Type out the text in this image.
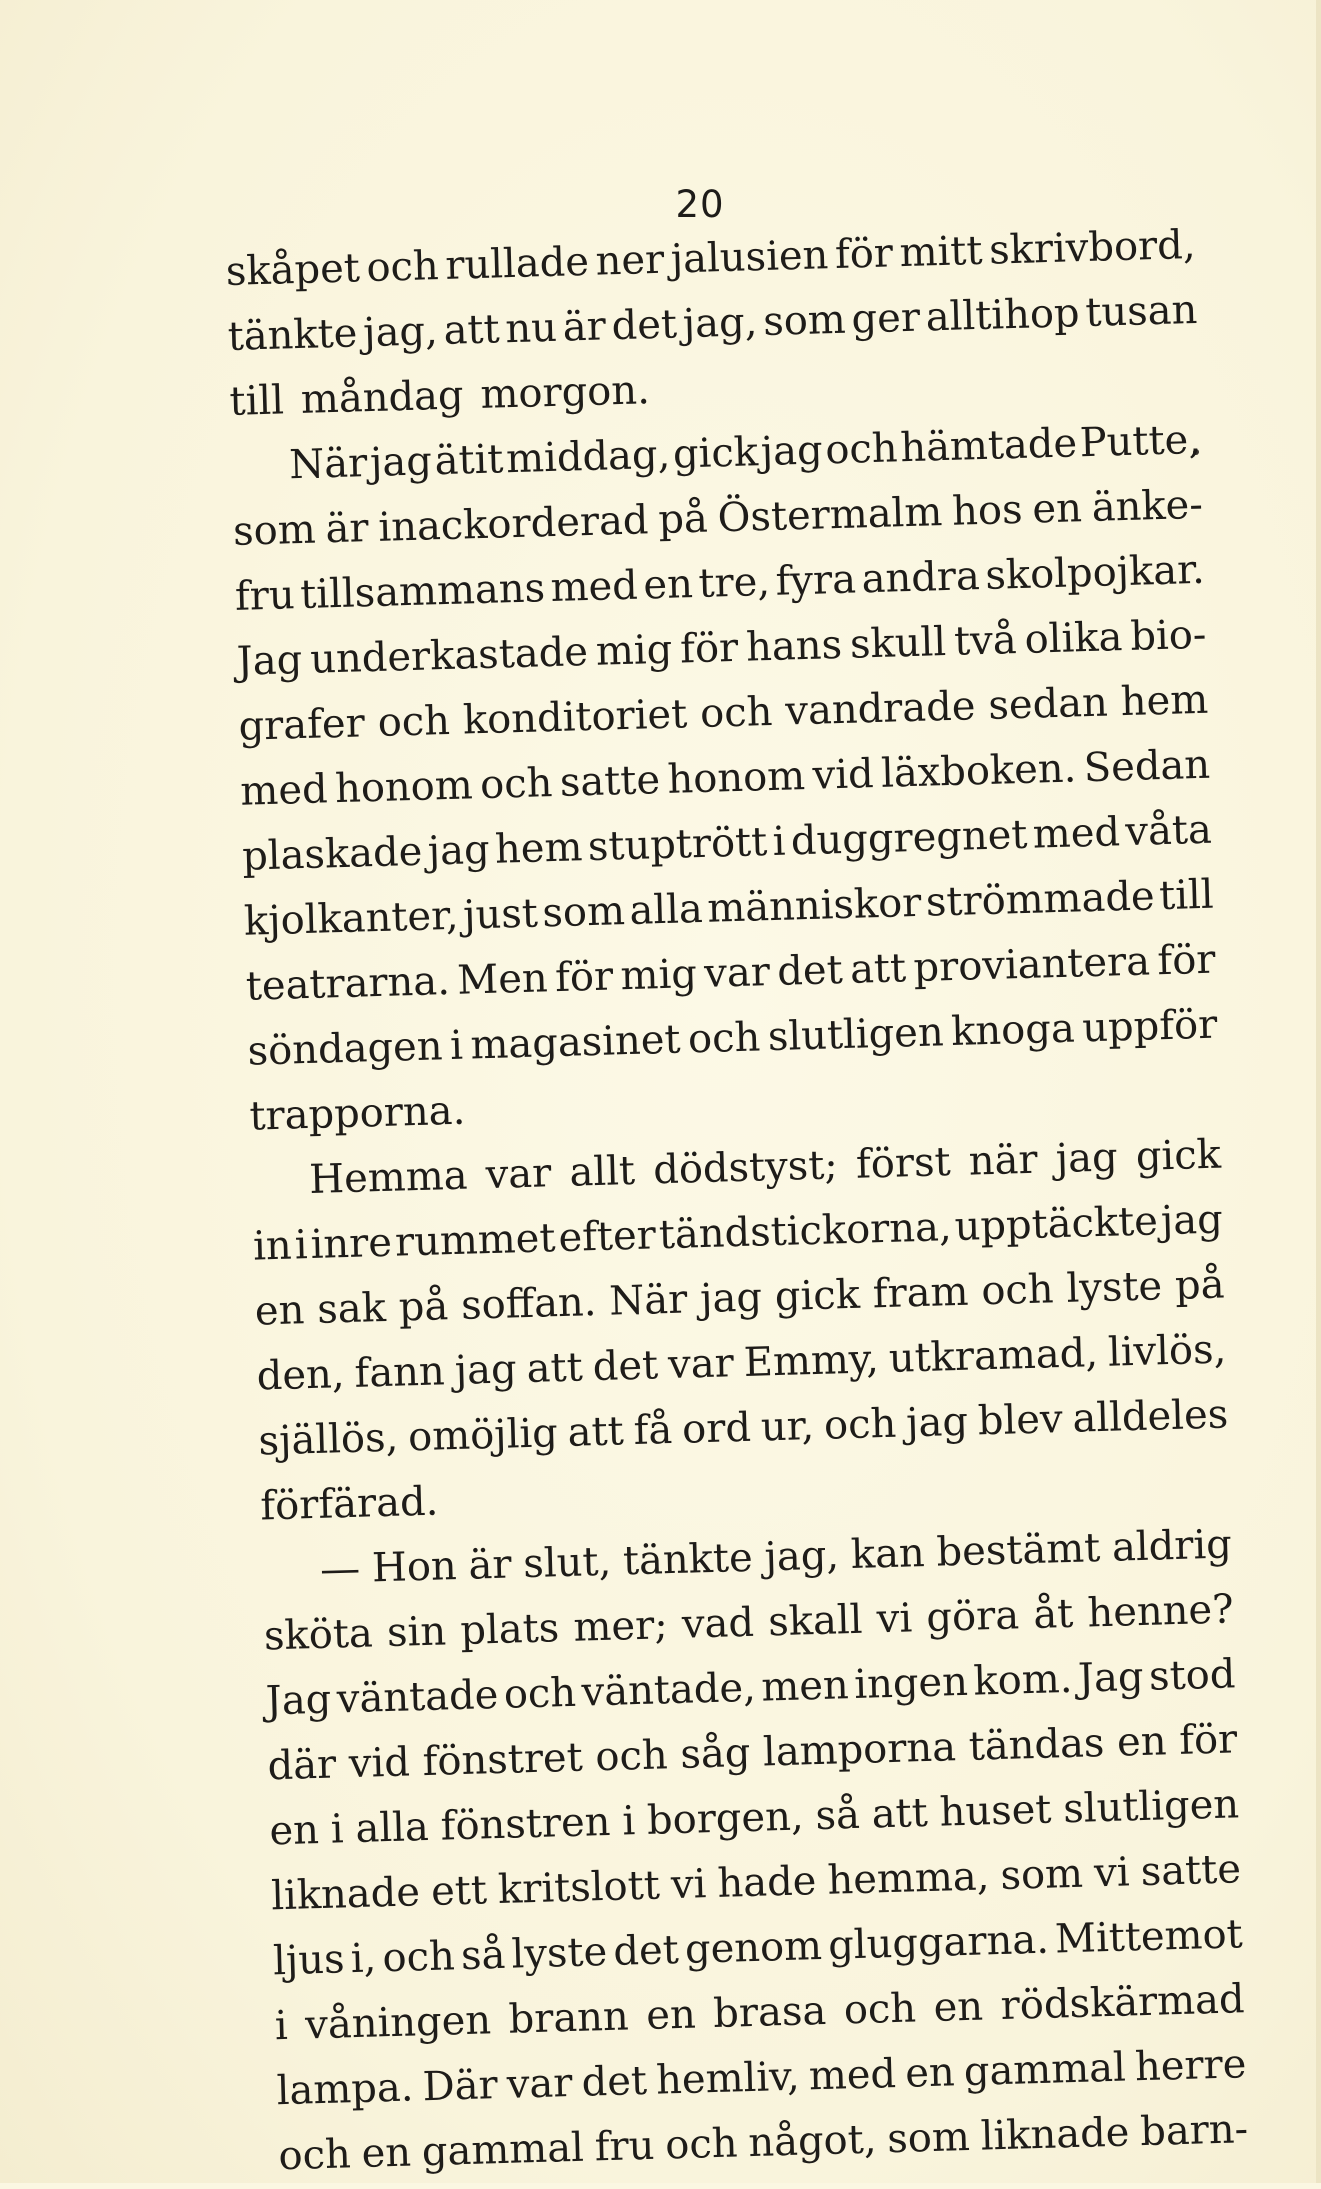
20
skåpet och rullade ner jalusien för mitt skrivbord,
tänkte jag, att nu är det jag, som ger alltihop tusan
till måndag morgon.
När jag ätit middag, gick jag och hämtade Putte,
som är inackorderad på Östermalm hos en änke-
fru tillsammans med en tre, fyra andra skolpojkar.
Jag underkastade mig för hans skull två olika bio-
grafer och konditoriet och vandrade sedan hem
med honom och satte honom vid läxboken. Sedan
plaskade jag hem stuptrött i duggregnet med våta
kjolkanter, just som alla människor strömmade till
teatrarna. Men för mig var det att proviantera för
söndagen i magasinet och slutligen knoga uppför
trapporna.
Hemma var allt dödstyst; först när jag gick
in i inre rummet efter tändstickorna, upptäckte jag
en sak på soffan. När jag gick fram och lyste på
den, fann jag att det var Emmy, utkramad, livlös,
själlös, omöjlig att få ord ur, och jag blev alldeles
förfärad.
— Hon är slut, tänkte jag, kan bestämt aldrig
sköta sin plats mer; vad skall vi göra åt henne?
Jag väntade och väntade, men ingen kom. Jag stod
där vid fönstret och såg lamporna tändas en för
en i alla fönstren i borgen, så att huset slutligen
liknade ett kritslott vi hade hemma, som vi satte
ljus i, och så lyste det genom gluggarna. Mittemot
i våningen brann en brasa och en rödskärmad
lampa. Där var det hemliv, med en gammal herre
och en gammal fru och något, som liknade barn-
